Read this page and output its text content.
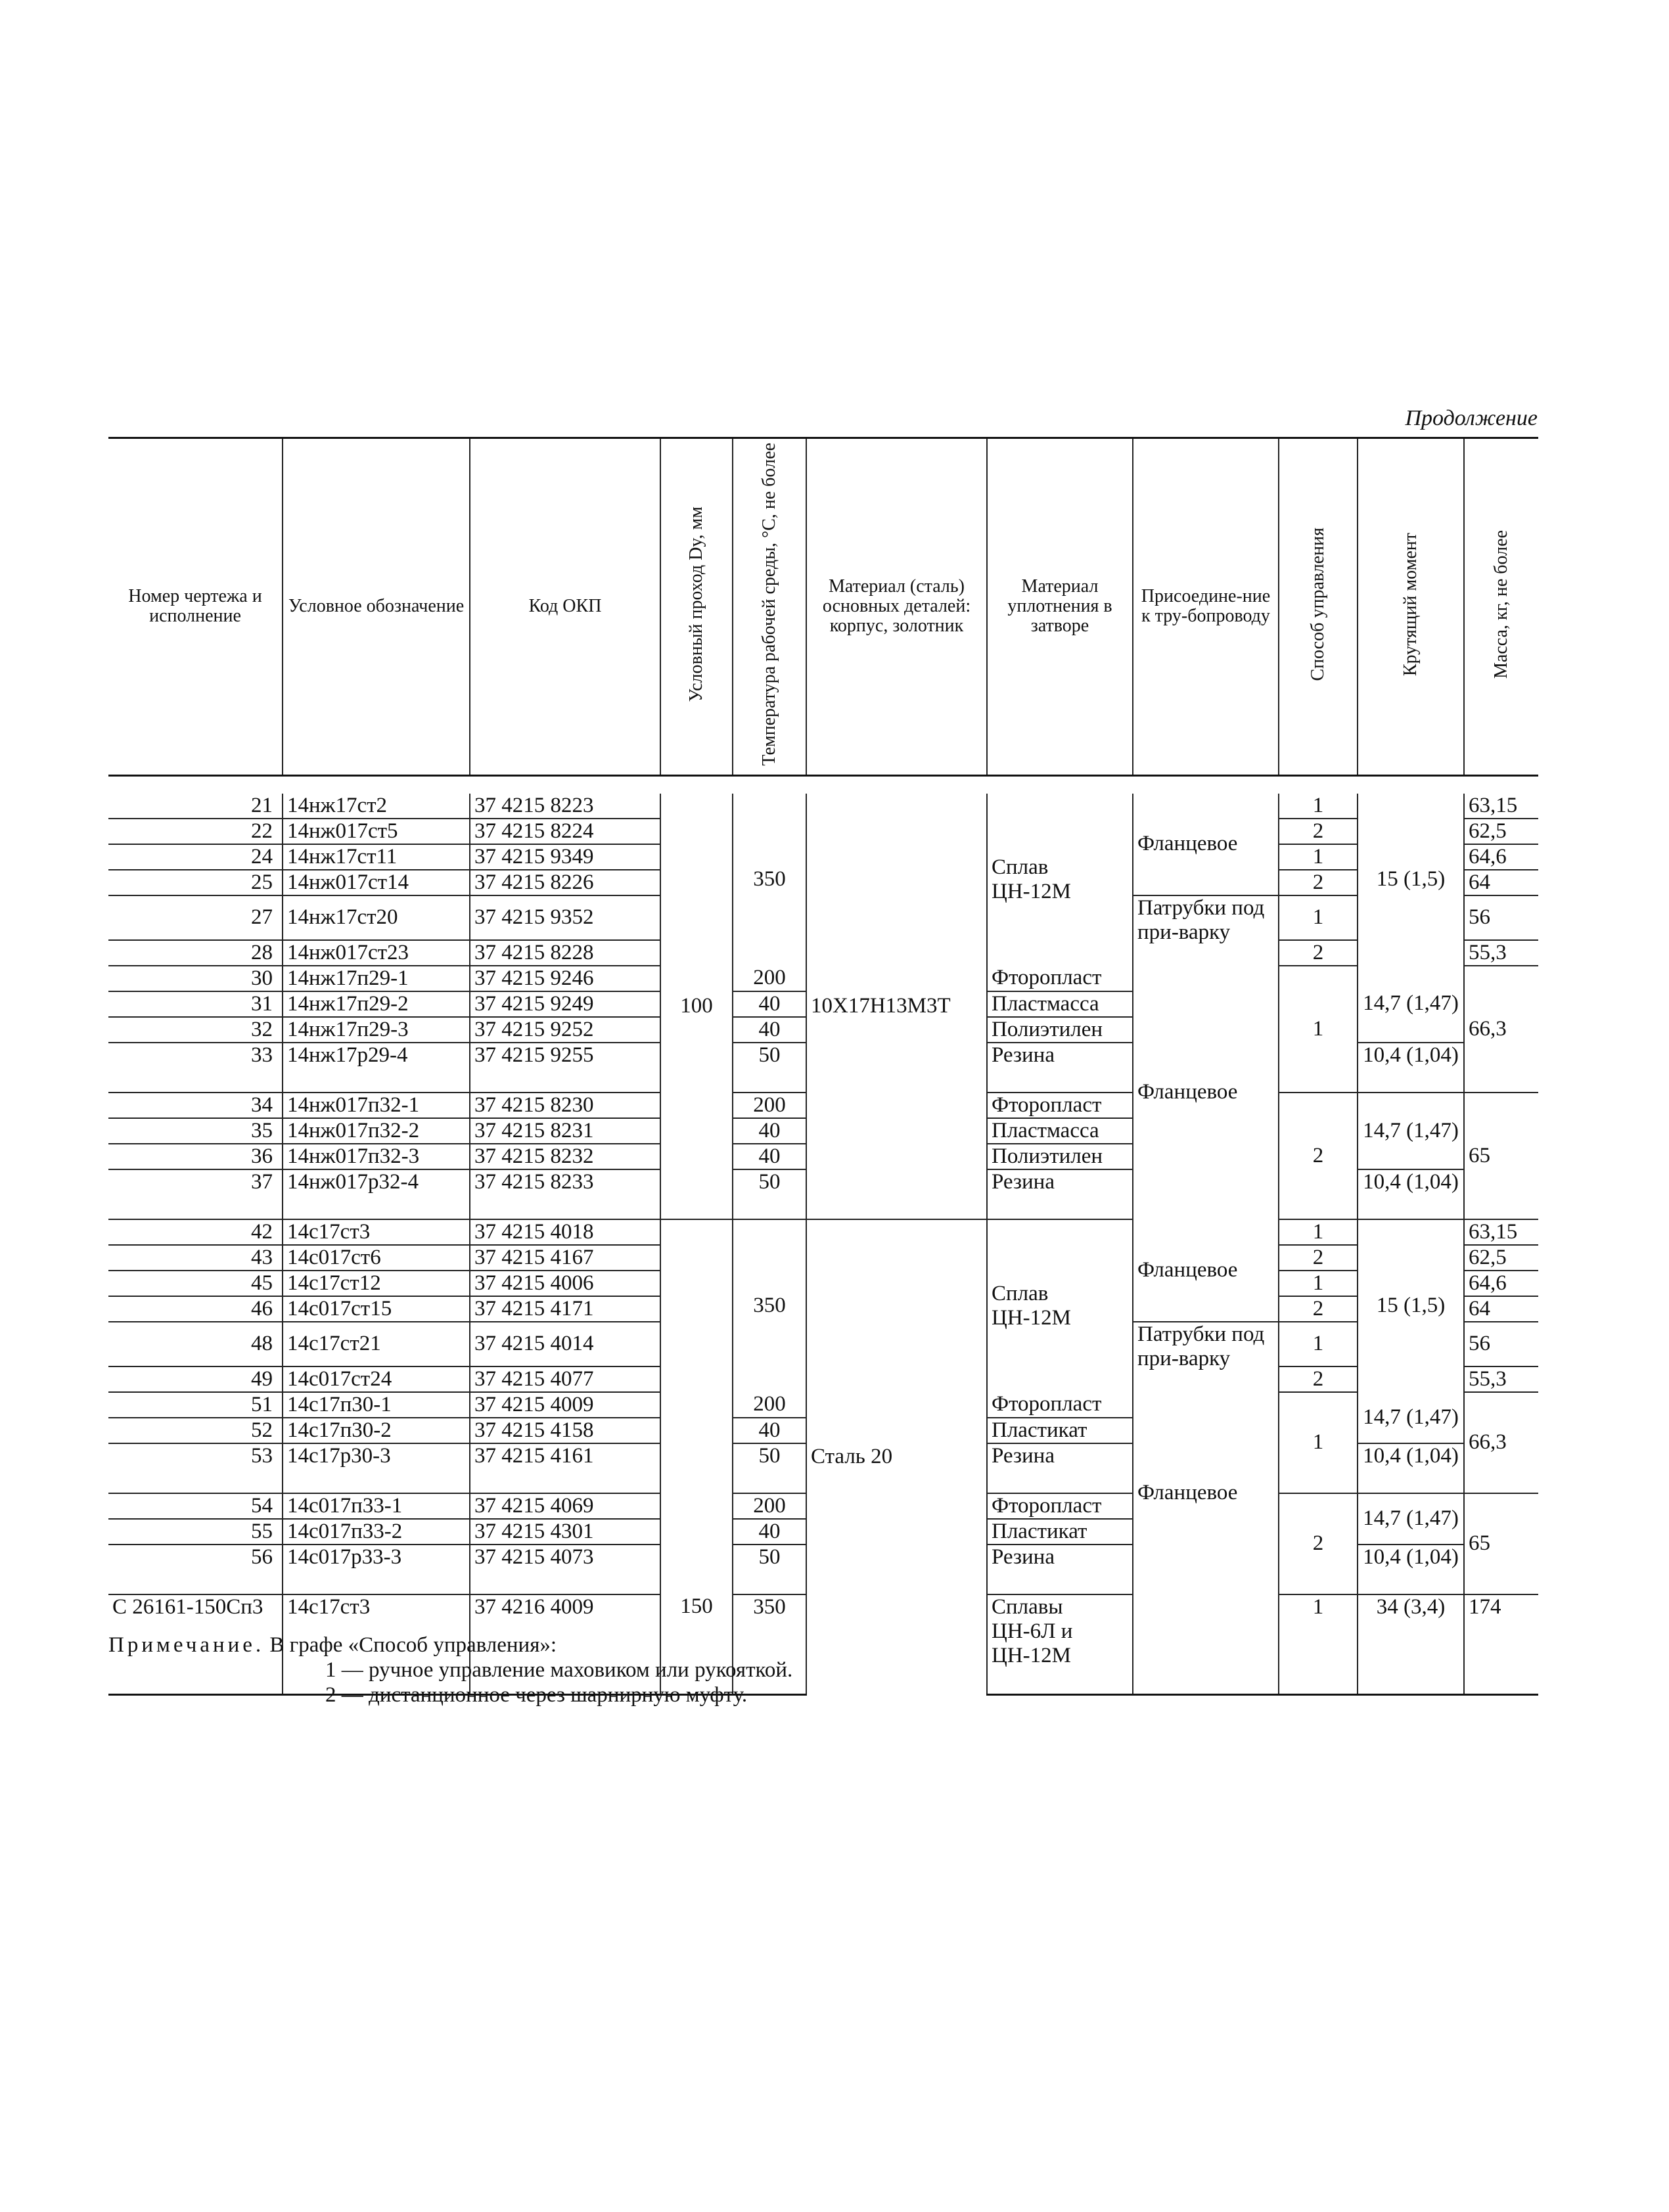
Продолжение
Номер чертежа и исполнение	Условное обозначение	Код ОКП	Условный проход Dy, мм	Температура рабочей среды, °С, не более	Материал (сталь) основных деталей: корпус, золотник	Материал уплотнения в затворе	Присоедине-ние к тру-бопроводу	Способ управления	Крутящий момент	Масса, кг, не более

21	14нж17ст2	37 4215 8223	100	350	10Х17Н13М3Т	Сплав ЦН-12М	Фланцевое	1	15 (1,5)	63,15
22	14нж017ст5	37 4215 8224						2		62,5
24	14нж17ст11	37 4215 9349						1		64,6
25	14нж017ст14	37 4215 8226						2		64
27	14нж17ст20	37 4215 9352					Патрубки под при-варку	1		56
28	14нж017ст23	37 4215 8228						2		55,3
30	14нж17п29-1	37 4215 9246		200		Фторопласт	Фланцевое	1	14,7 (1,47)	66,3
31	14нж17п29-2	37 4215 9249		40		Пластмасса				
32	14нж17п29-3	37 4215 9252		40		Полиэтилен				
33	14нж17р29-4	37 4215 9255		50		Резина			10,4 (1,04)	
34	14нж017п32-1	37 4215 8230		200		Фторопласт		2	14,7 (1,47)	65
35	14нж017п32-2	37 4215 8231		40		Пластмасса				
36	14нж017п32-3	37 4215 8232		40		Полиэтилен				
37	14нж017р32-4	37 4215 8233		50		Резина			10,4 (1,04)	
42	14с17ст3	37 4215 4018		350	Сталь 20	Сплав ЦН-12М	Фланцевое	1	15 (1,5)	63,15
43	14с017ст6	37 4215 4167						2		62,5
45	14с17ст12	37 4215 4006						1		64,6
46	14с017ст15	37 4215 4171						2		64
48	14с17ст21	37 4215 4014					Патрубки под при-варку	1		56
49	14с017ст24	37 4215 4077						2		55,3
51	14с17п30-1	37 4215 4009		200		Фторопласт	Фланцевое	1	14,7 (1,47)	66,3
52	14с17п30-2	37 4215 4158		40		Пластикат				
53	14с17р30-3	37 4215 4161		50		Резина			10,4 (1,04)	
54	14с017п33-1	37 4215 4069		200		Фторопласт		2	14,7 (1,47)	65
55	14с017п33-2	37 4215 4301		40		Пластикат				
56	14с017р33-3	37 4215 4073		50		Резина			10,4 (1,04)	
С 26161-150Сп3	14с17ст3	37 4216 4009	150	350		Сплавы ЦН-6Л и ЦН-12М		1	34 (3,4)	174
Примечание. В графе «Способ управления»:
1 — ручное управление маховиком или рукояткой.
2 — дистанционное через шарнирную муфту.
